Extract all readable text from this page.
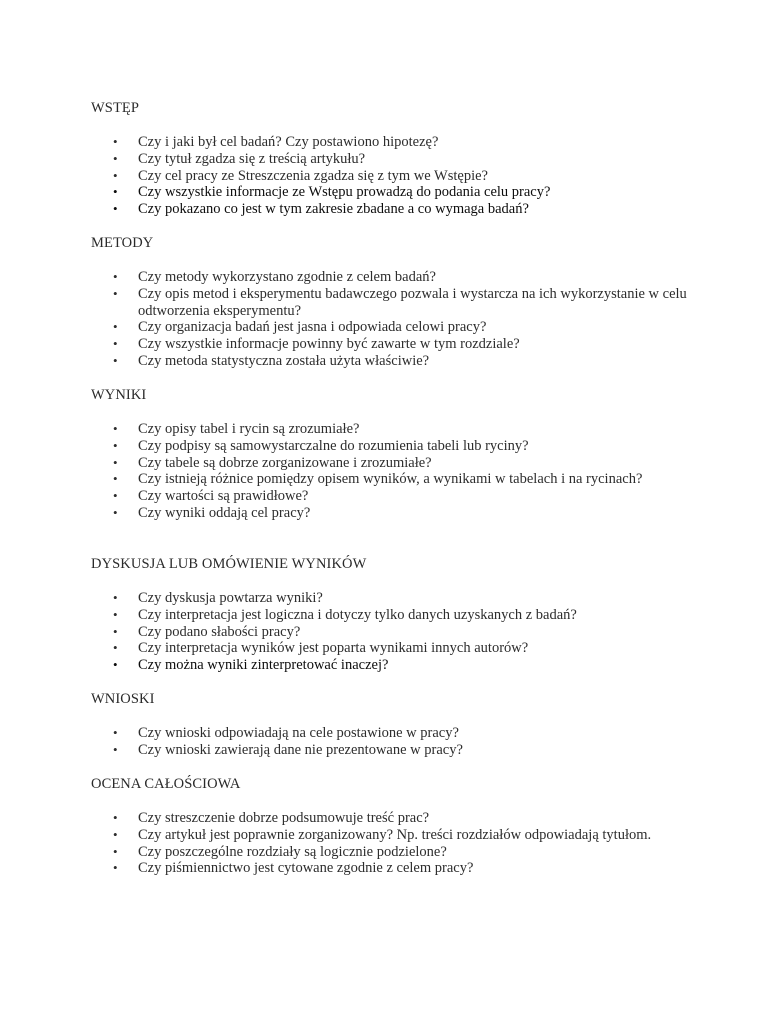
WSTĘP
• Czy i jaki był cel badań? Czy postawiono hipotezę?
• Czy tytuł zgadza się z treścią artykułu?
• Czy cel pracy ze Streszczenia zgadza się z tym we Wstępie?
• Czy wszystkie informacje ze Wstępu prowadzą do podania celu pracy?
• Czy pokazano co jest w tym zakresie zbadane a co wymaga badań?
METODY
• Czy metody wykorzystano zgodnie z celem badań?
• Czy opis metod i eksperymentu badawczego pozwala i wystarcza na ich wykorzystanie w celu odtworzenia eksperymentu?
• Czy organizacja badań jest jasna i odpowiada celowi pracy?
• Czy wszystkie informacje powinny być zawarte w tym rozdziale?
• Czy metoda statystyczna została użyta właściwie?
WYNIKI
• Czy opisy tabel i rycin są zrozumiałe?
• Czy podpisy są samowystarczalne do rozumienia tabeli lub ryciny?
• Czy tabele są dobrze zorganizowane i zrozumiałe?
• Czy istnieją różnice pomiędzy opisem wyników, a wynikami w tabelach i na rycinach?
• Czy wartości są prawidłowe?
• Czy wyniki oddają cel pracy?
DYSKUSJA LUB OMÓWIENIE WYNIKÓW
• Czy dyskusja powtarza wyniki?
• Czy interpretacja jest logiczna i dotyczy tylko danych uzyskanych z badań?
• Czy podano słabości pracy?
• Czy interpretacja wyników jest poparta wynikami innych autorów?
• Czy można wyniki zinterpretować inaczej?
WNIOSKI
• Czy wnioski odpowiadają na cele postawione w pracy?
• Czy wnioski zawierają dane nie prezentowane w pracy?
OCENA CAŁOŚCIOWA
• Czy streszczenie dobrze podsumowuje treść prac?
• Czy artykuł jest poprawnie zorganizowany? Np. treści rozdziałów odpowiadają tytułom.
• Czy poszczególne rozdziały są logicznie podzielone?
• Czy piśmiennictwo jest cytowane zgodnie z celem pracy?
